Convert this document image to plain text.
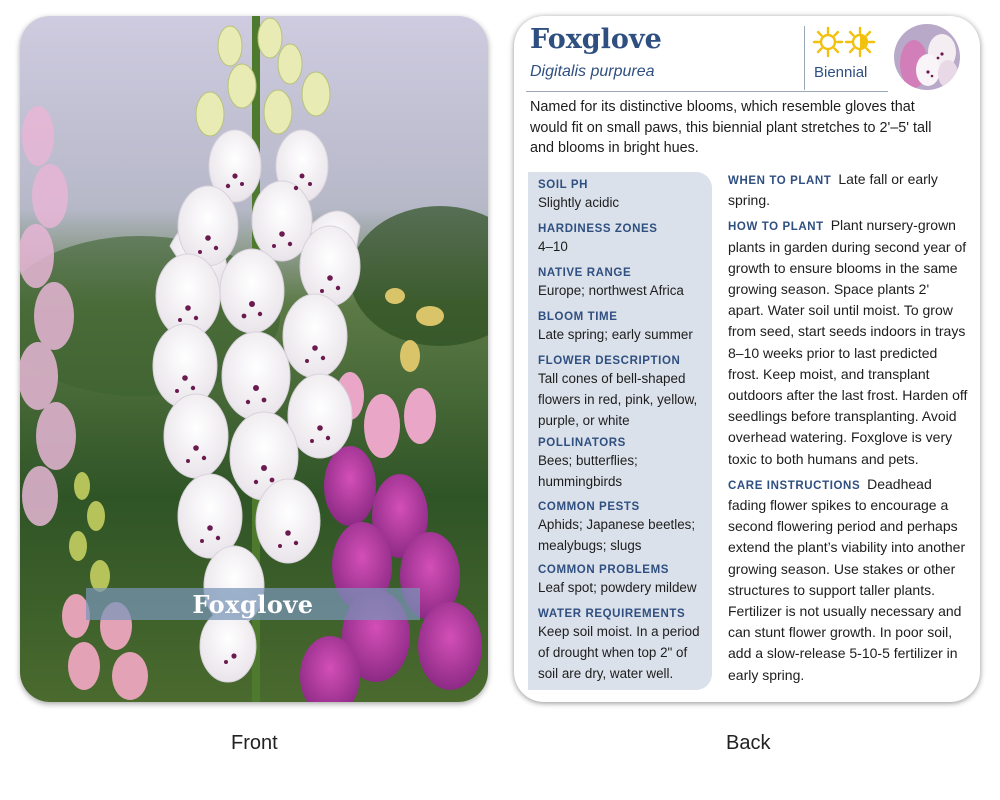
Foxglove
Front
Foxglove
Digitalis purpurea	Biennial
Named for its distinctive blooms, which resemble gloves that would fit on small paws, this biennial plant stretches to 2'–5' tall and blooms in bright hues.
SOIL PH
Slightly acidic
HARDINESS ZONES
4–10
NATIVE RANGE
Europe; northwest Africa
BLOOM TIME
Late spring; early summer
FLOWER DESCRIPTION
Tall cones of bell-shaped flowers in red, pink, yellow, purple, or white
POLLINATORS
Bees; butterflies; hummingbirds
COMMON PESTS
Aphids; Japanese beetles; mealybugs; slugs
COMMON PROBLEMS
Leaf spot; powdery mildew
WATER REQUIREMENTS
Keep soil moist. In a period of drought when top 2" of soil are dry, water well.

WHEN TO PLANT Late fall or early spring.

HOW TO PLANT Plant nursery-grown plants in garden during second year of growth to ensure blooms in the same growing season. Space plants 2' apart. Water soil until moist. To grow from seed, start seeds indoors in trays 8–10 weeks prior to last predicted frost. Keep moist, and transplant outdoors after the last frost. Harden off seedlings before transplanting. Avoid overhead watering. Foxglove is very toxic to both humans and pets.

CARE INSTRUCTIONS Deadhead fading flower spikes to encourage a second flowering period and perhaps extend the plant’s viability into another growing season. Use stakes or other structures to support taller plants. Fertilizer is not usually necessary and can stunt flower growth. In poor soil, add a slow-release 5-10-5 fertilizer in early spring.

Back
